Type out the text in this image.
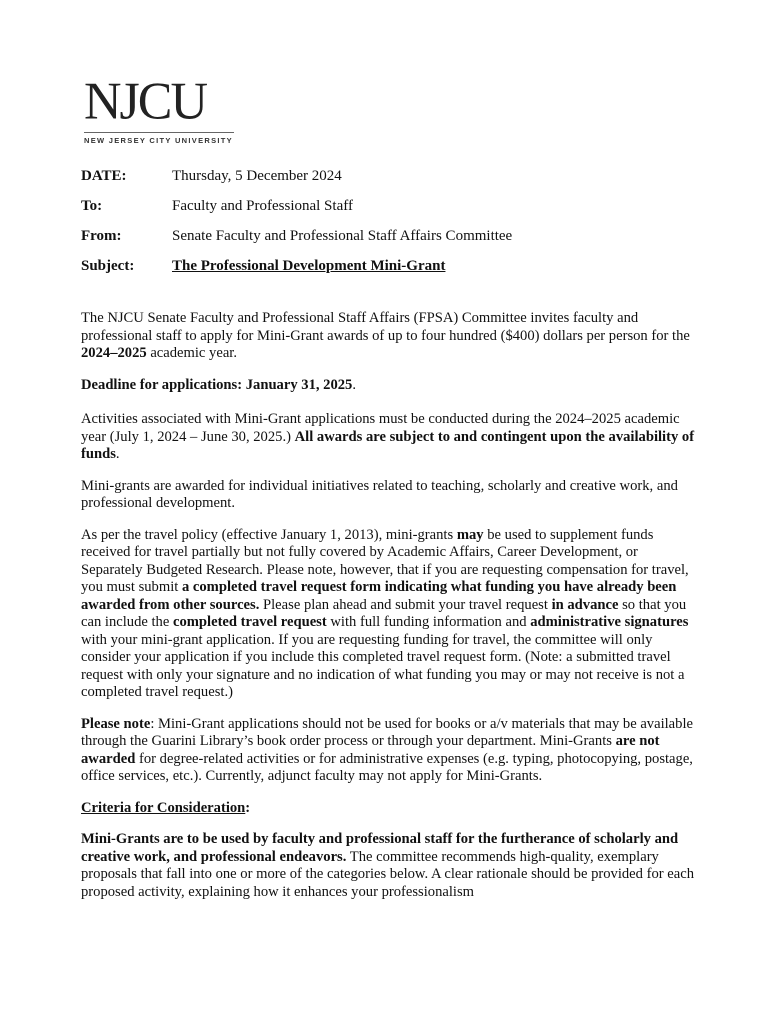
NJCU
NEW JERSEY CITY UNIVERSITY
DATE:	Thursday, 5 December 2024
To:	Faculty and Professional Staff
From:	Senate Faculty and Professional Staff Affairs Committee
Subject:	The Professional Development Mini-Grant

The NJCU Senate Faculty and Professional Staff Affairs (FPSA) Committee invites faculty and professional staff to apply for Mini-Grant awards of up to four hundred ($400) dollars per person for the 2024–2025 academic year.

Deadline for applications: January 31, 2025.

Activities associated with Mini-Grant applications must be conducted during the 2024–2025 academic year (July 1, 2024 – June 30, 2025.) All awards are subject to and contingent upon the availability of funds.

Mini-grants are awarded for individual initiatives related to teaching, scholarly and creative work, and professional development.

As per the travel policy (effective January 1, 2013), mini-grants may be used to supplement funds received for travel partially but not fully covered by Academic Affairs, Career Development, or Separately Budgeted Research. Please note, however, that if you are requesting compensation for travel, you must submit a completed travel request form indicating what funding you have already been awarded from other sources. Please plan ahead and submit your travel request in advance so that you can include the completed travel request with full funding information and administrative signatures with your mini-grant application. If you are requesting funding for travel, the committee will only consider your application if you include this completed travel request form. (Note: a submitted travel request with only your signature and no indication of what funding you may or may not receive is not a completed travel request.)

Please note: Mini-Grant applications should not be used for books or a/v materials that may be available through the Guarini Library’s book order process or through your department. Mini-Grants are not awarded for degree-related activities or for administrative expenses (e.g. typing, photocopying, postage, office services, etc.). Currently, adjunct faculty may not apply for Mini-Grants.

Criteria for Consideration:

Mini-Grants are to be used by faculty and professional staff for the furtherance of scholarly and creative work, and professional endeavors. The committee recommends high-quality, exemplary proposals that fall into one or more of the categories below. A clear rationale should be provided for each proposed activity, explaining how it enhances your professionalism
